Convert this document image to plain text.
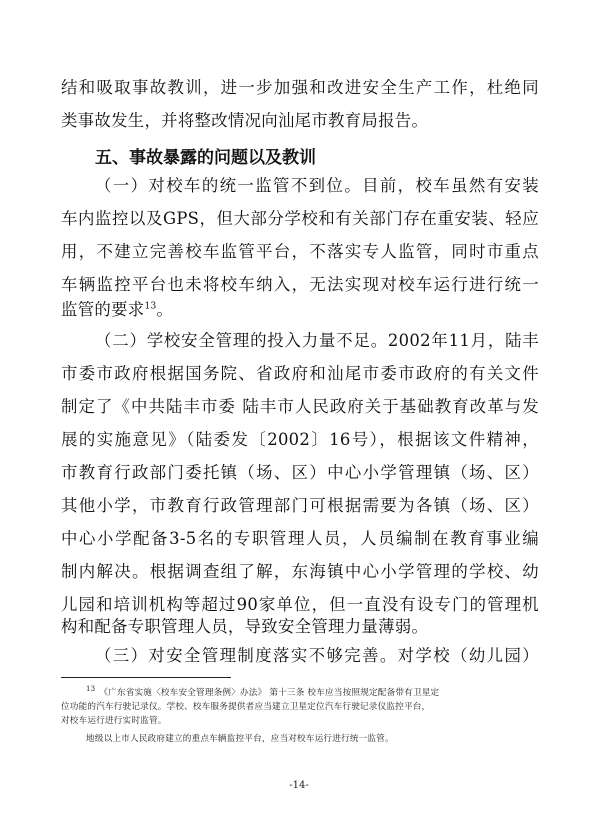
结和吸取事故教训，进一步加强和改进安全生产工作，杜绝同
类事故发生，并将整改情况向汕尾市教育局报告。
五、事故暴露的问题以及教训
（一）对校车的统一监管不到位。目前，校车虽然有安装
车内监控以及GPS，但大部分学校和有关部门存在重安装、轻应
用，不建立完善校车监管平台，不落实专人监管，同时市重点
车辆监控平台也未将校车纳入，无法实现对校车运行进行统一
监管的要求$^{13}$。
（二）学校安全管理的投入力量不足。2002年11月，陆丰
市委市政府根据国务院、省政府和汕尾市委市政府的有关文件
制定了《中共陆丰市委 陆丰市人民政府关于基础教育改革与发
展的实施意见》（陆委发〔2002〕16号），根据该文件精神，
市教育行政部门委托镇（场、区）中心小学管理镇（场、区）
其他小学，市教育行政管理部门可根据需要为各镇（场、区）
中心小学配备3-5名的专职管理人员，人员编制在教育事业编
制内解决。根据调查组了解，东海镇中心小学管理的学校、幼
儿园和培训机构等超过90家单位，但一直没有设专门的管理机
构和配备专职管理人员，导致安全管理力量薄弱。
（三）对安全管理制度落实不够完善。对学校（幼儿园）
$^{13}$ 《广东省实施〈校车安全管理条例〉办法》 第十三条 校车应当按照规定配备带有卫星定
位功能的汽车行驶记录仪。学校、校车服务提供者应当建立卫星定位汽车行驶记录仪监控平台，
对校车运行进行实时监管。
地级以上市人民政府建立的重点车辆监控平台，应当对校车运行进行统一监管。
-14-
